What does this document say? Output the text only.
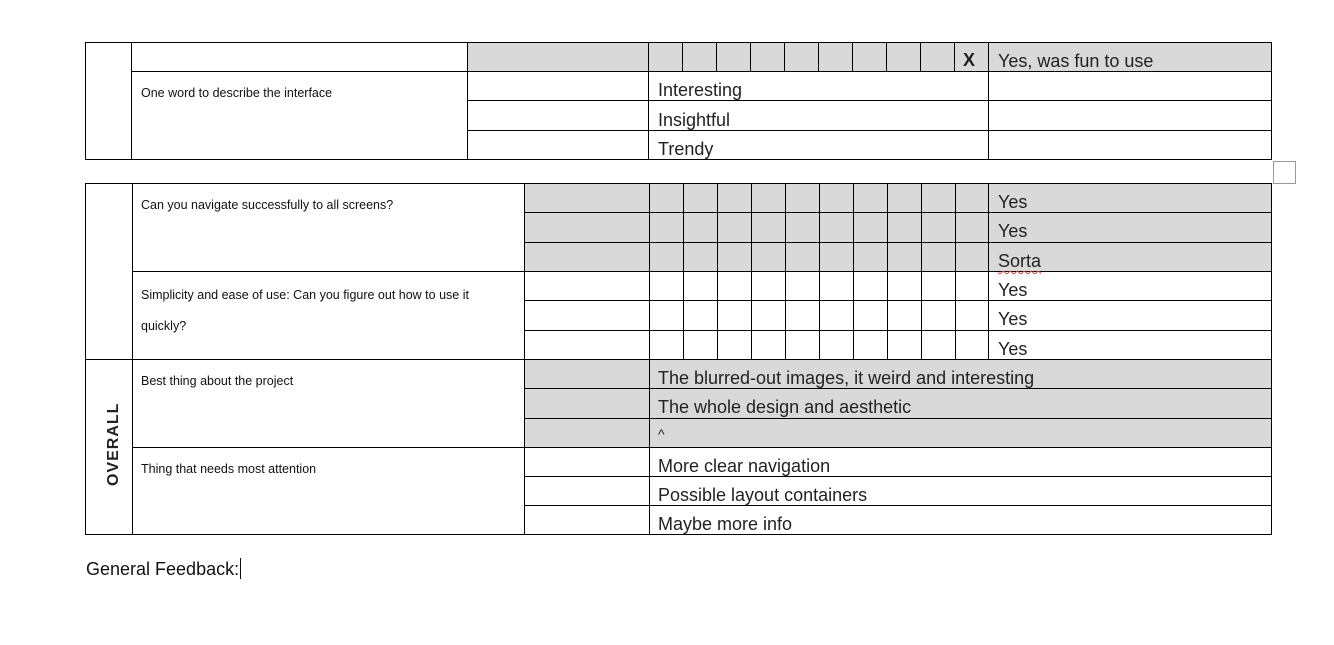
X Yes, was fun to use
One word to describe the interface	Interesting
Insightful
Trendy
Can you navigate successfully to all screens?
Simplicity and ease of use: Can you figure out how to use it quickly?
Best thing about the project
Thing that needs most attention
Yes
Yes
Sorta
Yes
Yes
Yes
OVERALL
The blurred-out images, it weird and interesting
The whole design and aesthetic
^
More clear navigation
Possible layout containers
Maybe more info
General Feedback:
